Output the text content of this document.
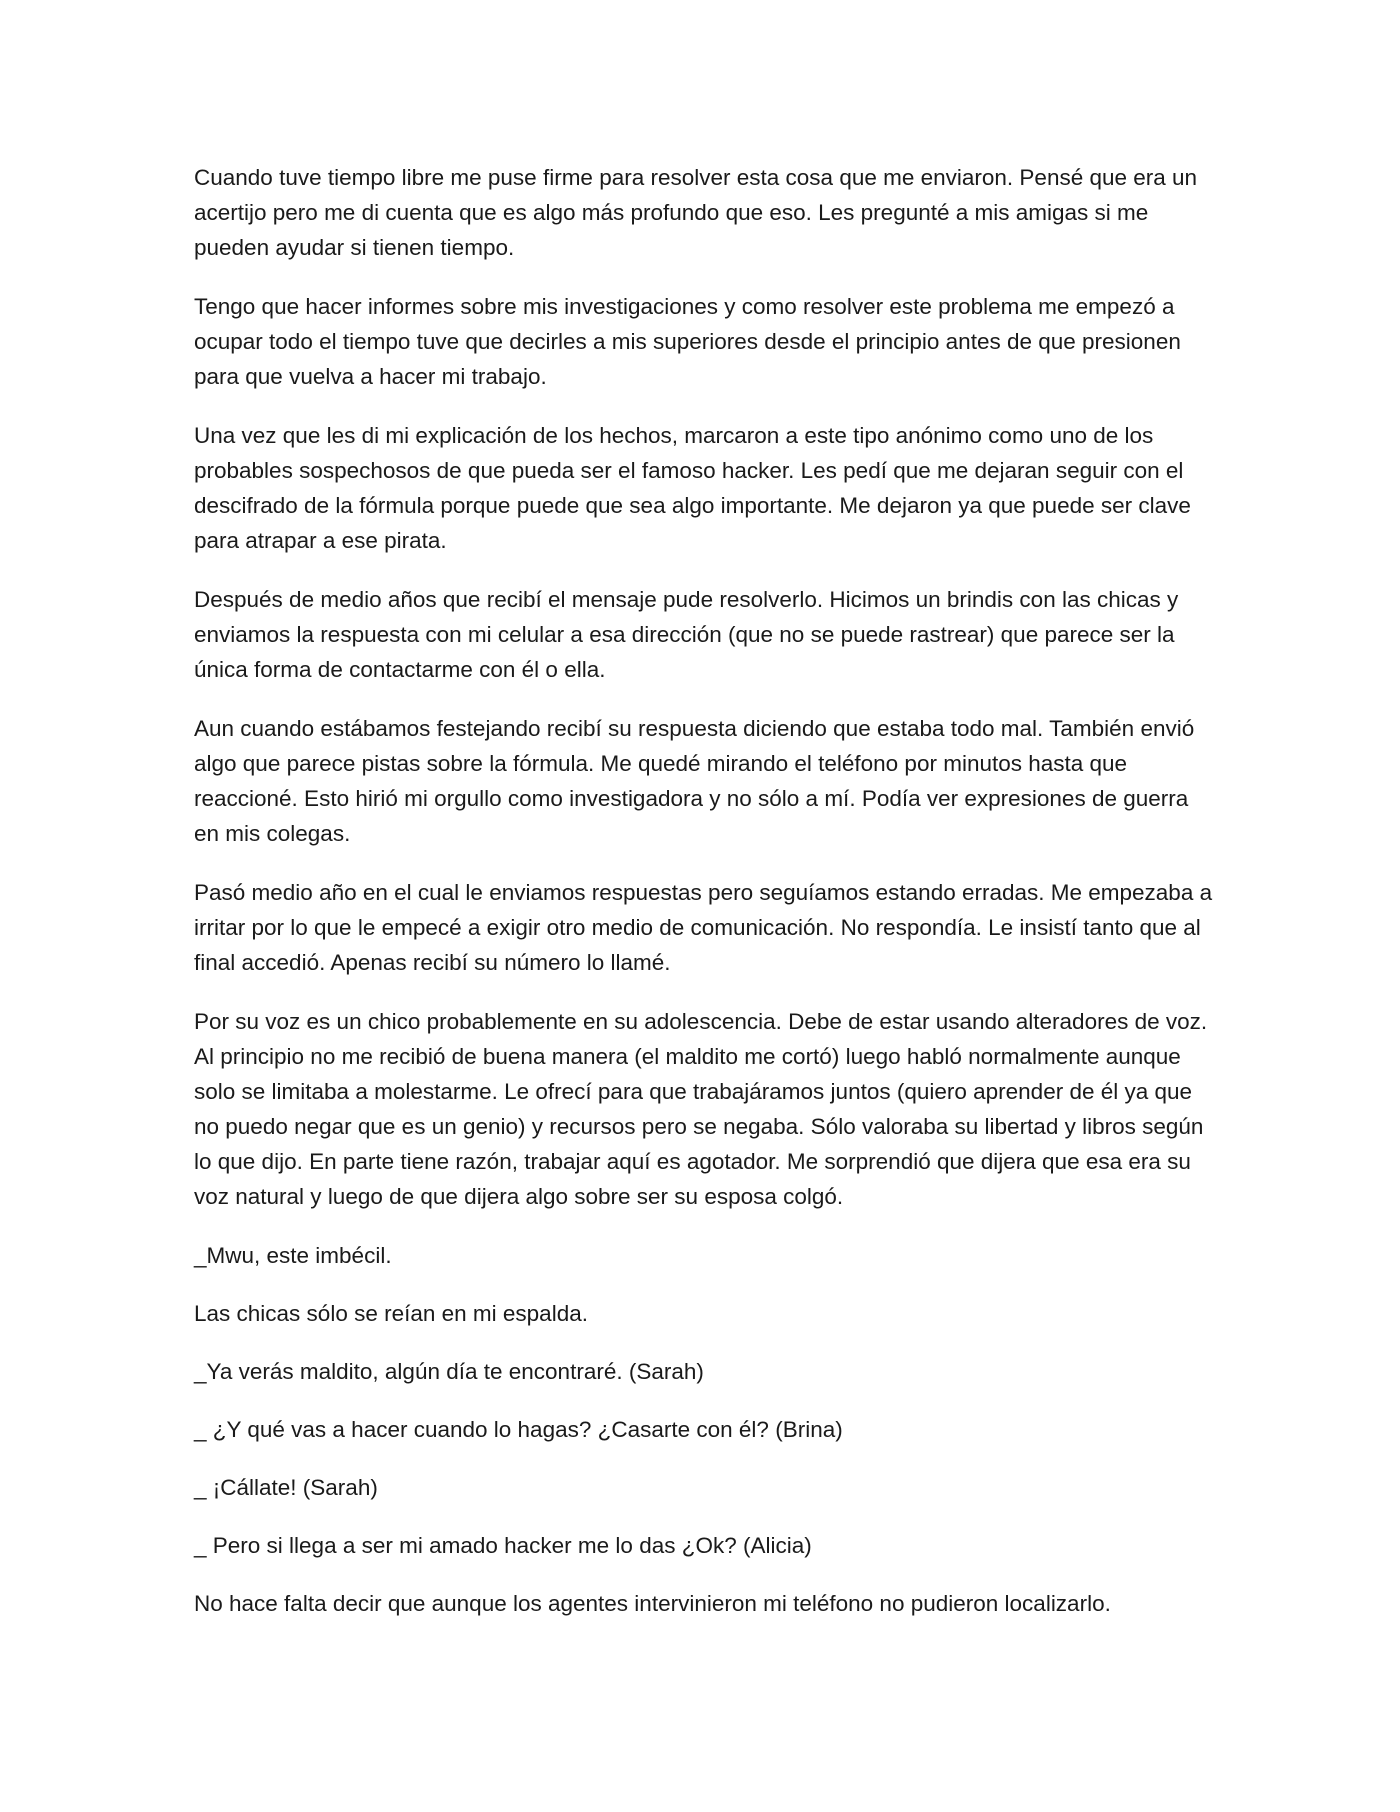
Cuando tuve tiempo libre me puse firme para resolver esta cosa que me enviaron. Pensé que era un acertijo pero me di cuenta que es algo más profundo que eso. Les pregunté a mis amigas si me pueden ayudar si tienen tiempo.

Tengo que hacer informes sobre mis investigaciones y como resolver este problema me empezó a ocupar todo el tiempo tuve que decirles a mis superiores desde el principio antes de que presionen para que vuelva a hacer mi trabajo.

Una vez que les di mi explicación de los hechos, marcaron a este tipo anónimo como uno de los probables sospechosos de que pueda ser el famoso hacker. Les pedí que me dejaran seguir con el descifrado de la fórmula porque puede que sea algo importante. Me dejaron ya que puede ser clave para atrapar a ese pirata.

Después de medio años que recibí el mensaje pude resolverlo. Hicimos un brindis con las chicas y enviamos la respuesta con mi celular a esa dirección (que no se puede rastrear) que parece ser la única forma de contactarme con él o ella.

Aun cuando estábamos festejando recibí su respuesta diciendo que estaba todo mal. También envió algo que parece pistas sobre la fórmula. Me quedé mirando el teléfono por minutos hasta que reaccioné. Esto hirió mi orgullo como investigadora y no sólo a mí. Podía ver expresiones de guerra en mis colegas.

Pasó medio año en el cual le enviamos respuestas pero seguíamos estando erradas. Me empezaba a irritar por lo que le empecé a exigir otro medio de comunicación. No respondía. Le insistí tanto que al final accedió. Apenas recibí su número lo llamé.

Por su voz es un chico probablemente en su adolescencia. Debe de estar usando alteradores de voz. Al principio no me recibió de buena manera (el maldito me cortó) luego habló normalmente aunque solo se limitaba a molestarme. Le ofrecí para que trabajáramos juntos (quiero aprender de él ya que no puedo negar que es un genio) y recursos pero se negaba. Sólo valoraba su libertad y libros según lo que dijo. En parte tiene razón, trabajar aquí es agotador. Me sorprendió que dijera que esa era su voz natural y luego de que dijera algo sobre ser su esposa colgó.

_Mwu, este imbécil.

Las chicas sólo se reían en mi espalda.

_Ya verás maldito, algún día te encontraré. (Sarah)

_ ¿Y qué vas a hacer cuando lo hagas? ¿Casarte con él? (Brina)

_ ¡Cállate! (Sarah)

_ Pero si llega a ser mi amado hacker me lo das ¿Ok? (Alicia)

No hace falta decir que aunque los agentes intervinieron mi teléfono no pudieron localizarlo.
